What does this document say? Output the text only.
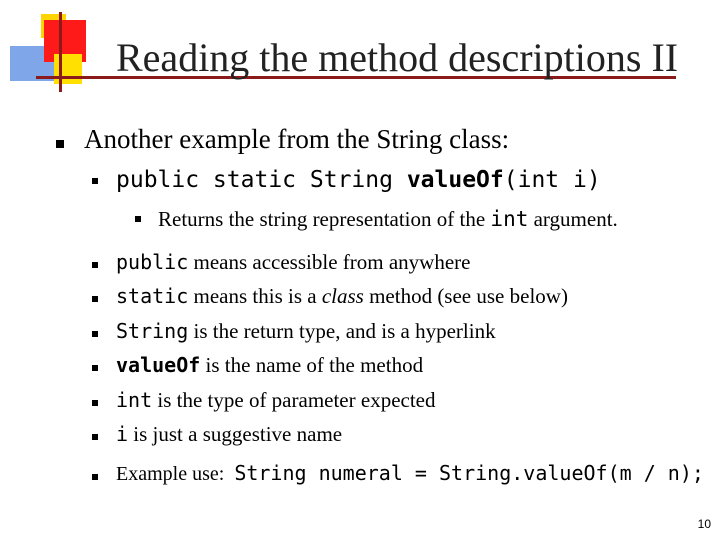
Reading the method descriptions II
Another example from the String class:
public static String valueOf(int i)
Returns the string representation of the int argument.
public means accessible from anywhere
static means this is a class method (see use below)
String is the return type, and is a hyperlink
valueOf is the name of the method
int is the type of parameter expected
i is just a suggestive name
Example use: String numeral = String.valueOf(m / n);
10
